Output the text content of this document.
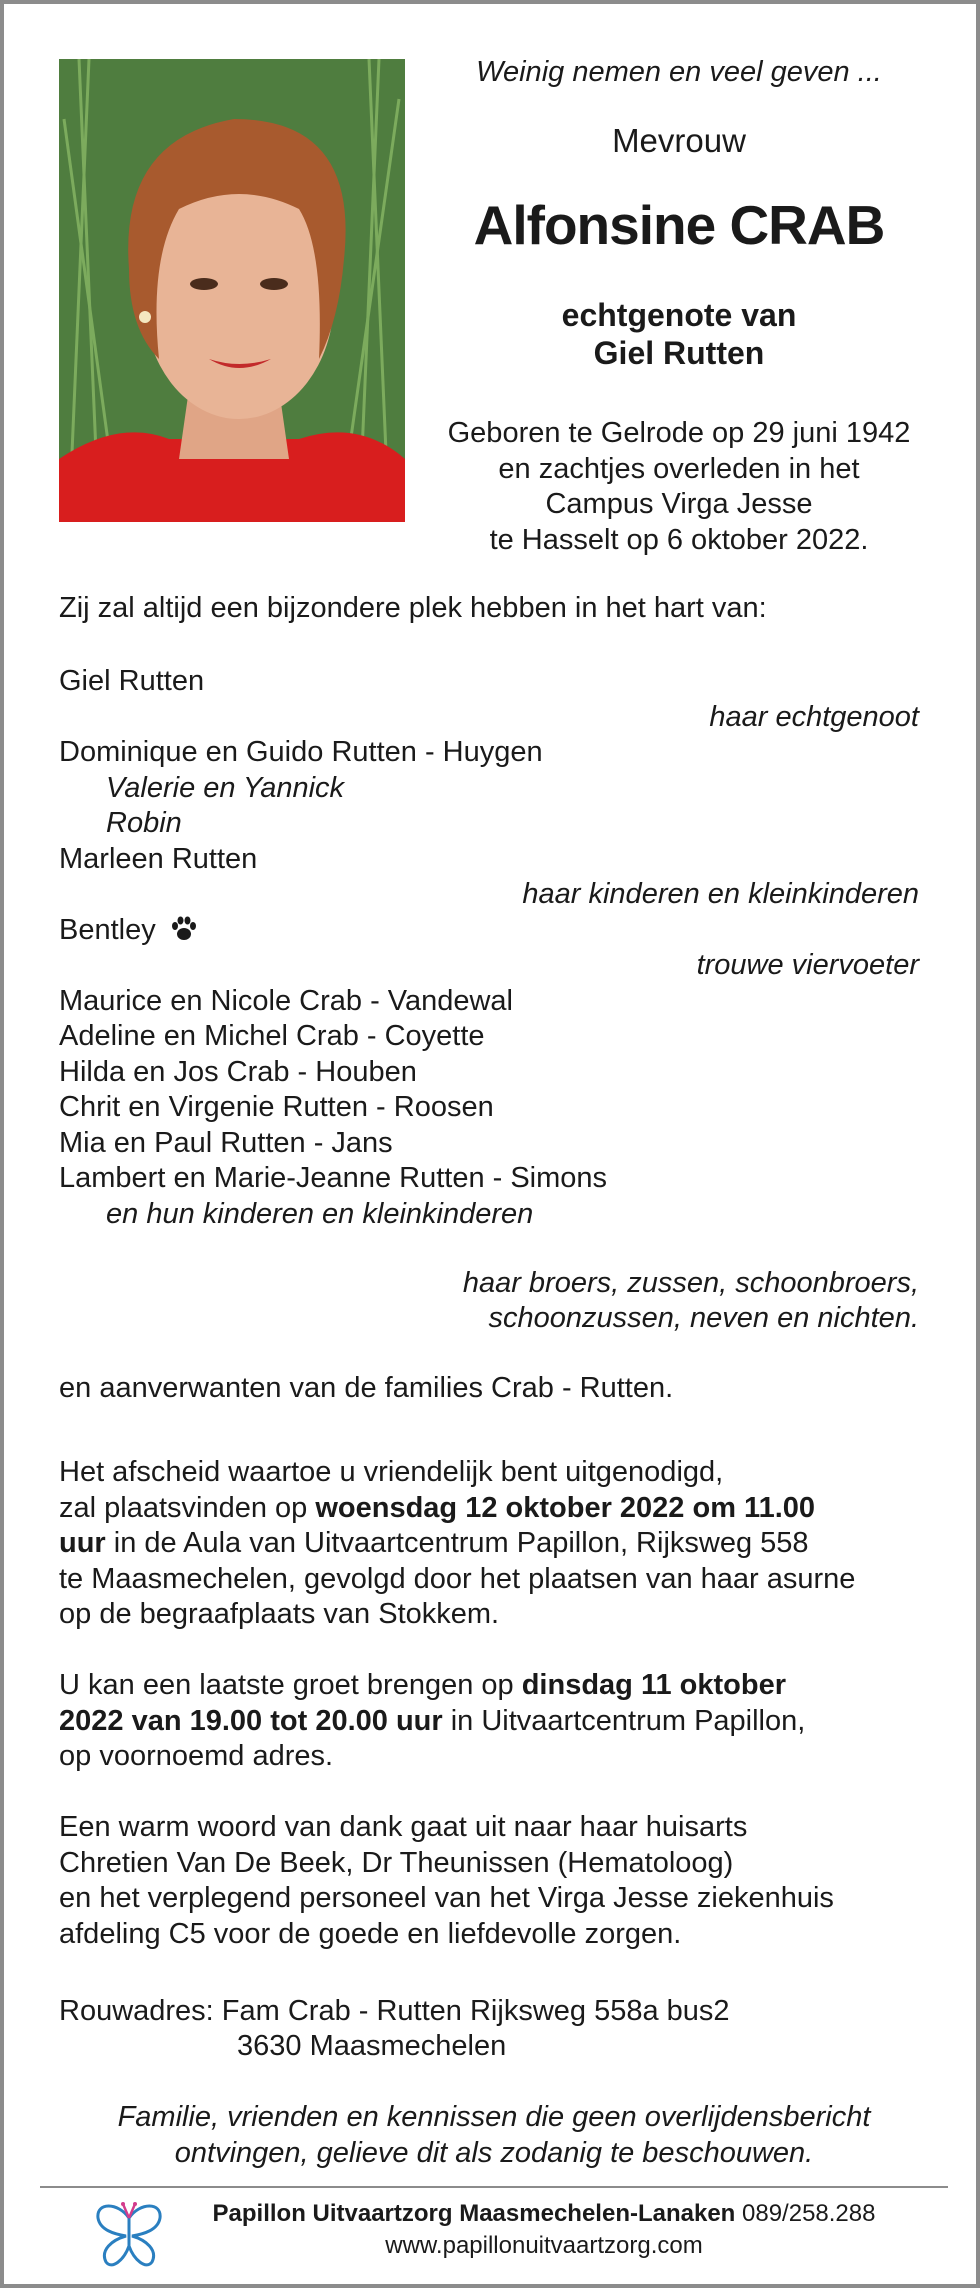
Weinig nemen en veel geven ...
Mevrouw
Alfonsine CRAB
echtgenote van
Giel Rutten
Geboren te Gelrode op 29 juni 1942
en zachtjes overleden in het
Campus Virga Jesse
te Hasselt op 6 oktober 2022.
Zij zal altijd een bijzondere plek hebben in het hart van:
Giel Rutten
haar echtgenoot
Dominique en Guido Rutten - Huygen
Valerie en Yannick
Robin
Marleen Rutten
haar kinderen en kleinkinderen
Bentley
trouwe viervoeter
Maurice en Nicole Crab - Vandewal
Adeline en Michel Crab - Coyette
Hilda en Jos Crab - Houben
Chrit en Virgenie Rutten - Roosen
Mia en Paul Rutten - Jans
Lambert en Marie-Jeanne Rutten - Simons
en hun kinderen en kleinkinderen
haar broers, zussen, schoonbroers,
schoonzussen, neven en nichten.
en aanverwanten van de families Crab - Rutten.
Het afscheid waartoe u vriendelijk bent uitgenodigd,
zal plaatsvinden op woensdag 12 oktober 2022 om 11.00
uur in de Aula van Uitvaartcentrum Papillon, Rijksweg 558
te Maasmechelen, gevolgd door het plaatsen van haar asurne
op de begraafplaats van Stokkem.
U kan een laatste groet brengen op dinsdag 11 oktober
2022 van 19.00 tot 20.00 uur in Uitvaartcentrum Papillon,
op voornoemd adres.
Een warm woord van dank gaat uit naar haar huisarts
Chretien Van De Beek, Dr Theunissen (Hematoloog)
en het verplegend personeel van het Virga Jesse ziekenhuis
afdeling C5 voor de goede en liefdevolle zorgen.
Rouwadres: Fam Crab - Rutten Rijksweg 558a bus2
3630 Maasmechelen
Familie, vrienden en kennissen die geen overlijdensbericht
ontvingen, gelieve dit als zodanig te beschouwen.
Papillon Uitvaartzorg Maasmechelen-Lanaken 089/258.288
www.papillonuitvaartzorg.com
